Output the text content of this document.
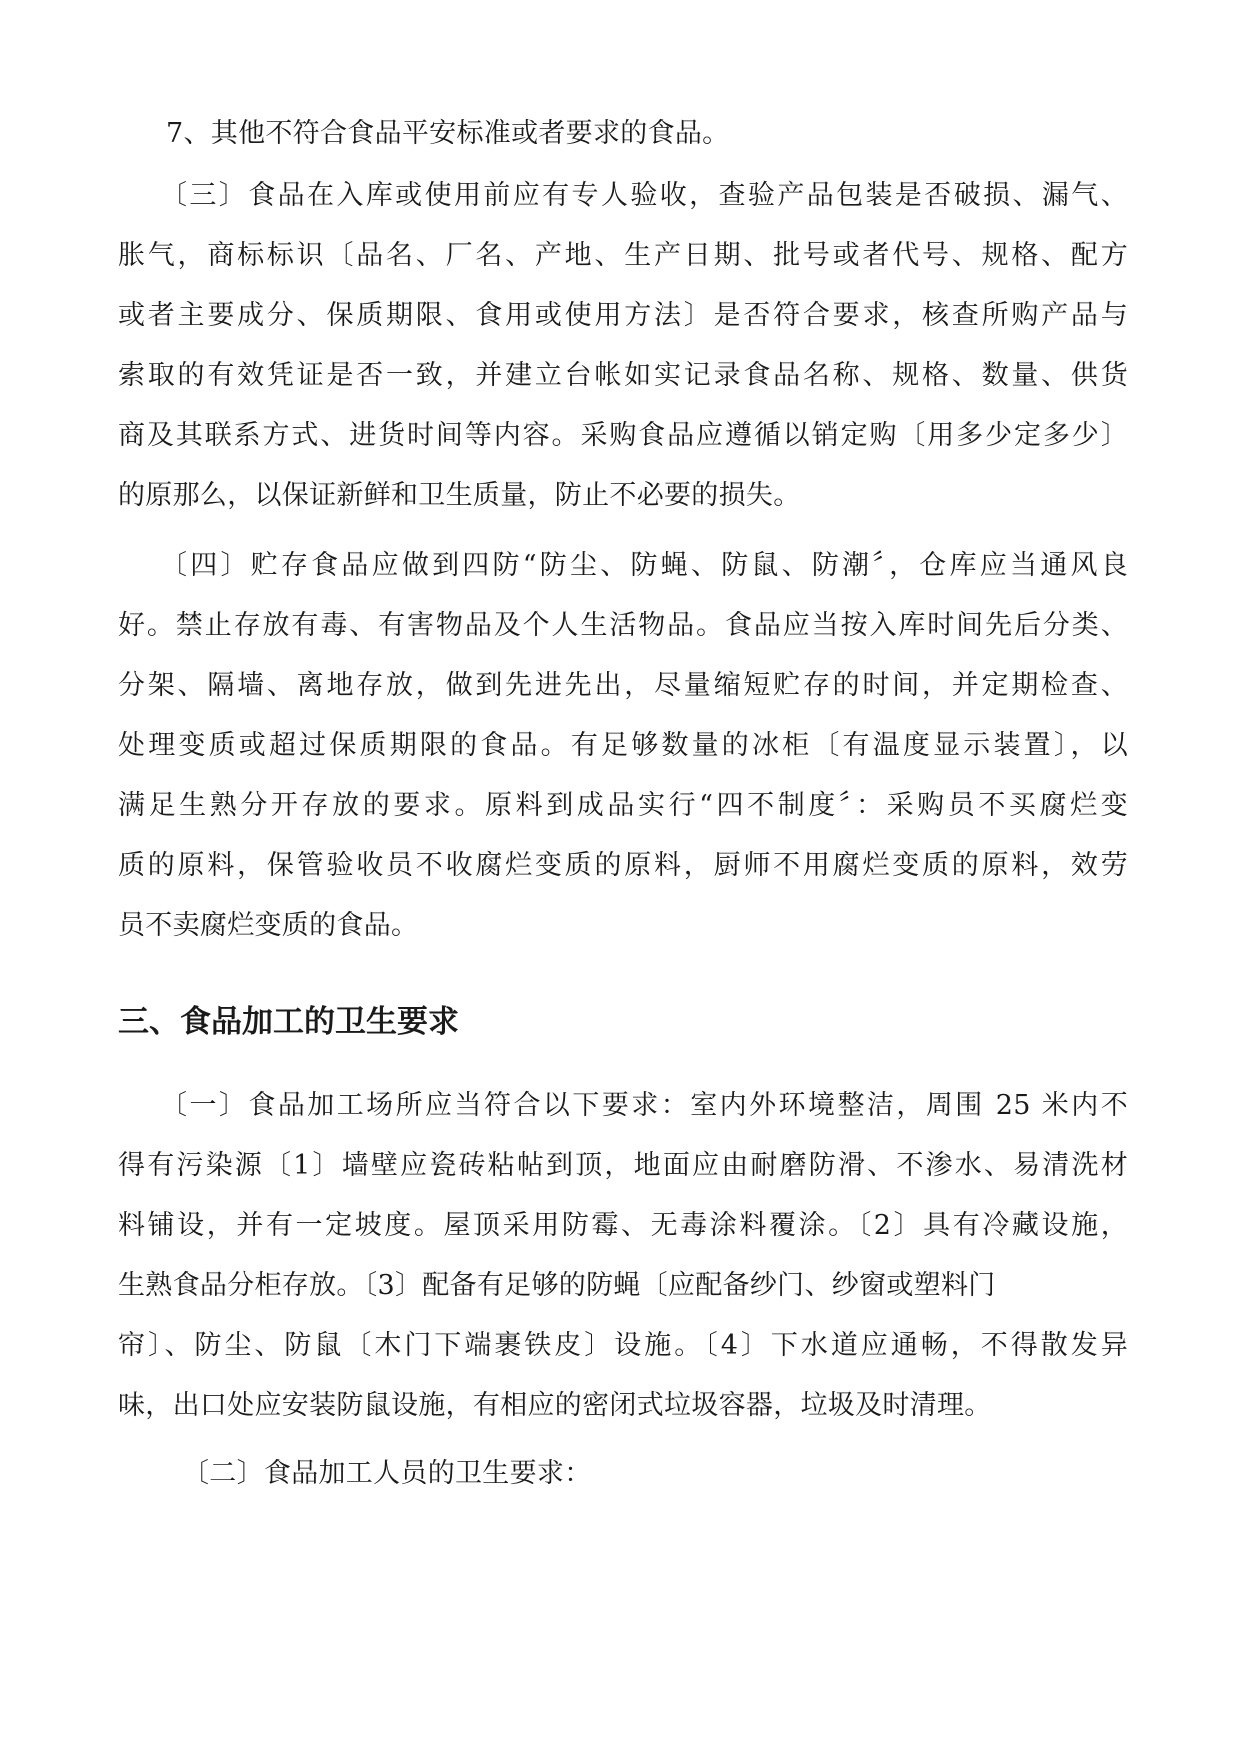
7、其他不符合食品平安标准或者要求的食品。
〔三〕食品在入库或使用前应有专人验收，查验产品包装是否破损、漏气、
胀气，商标标识〔品名、厂名、产地、生产日期、批号或者代号、规格、配方
或者主要成分、保质期限、食用或使用方法〕是否符合要求，核查所购产品与
索取的有效凭证是否一致，并建立台帐如实记录食品名称、规格、数量、供货
商及其联系方式、进货时间等内容。采购食品应遵循以销定购〔用多少定多少〕
的原那么，以保证新鲜和卫生质量，防止不必要的损失。
〔四〕贮存食品应做到四防“防尘、防蝇、防鼠、防潮〞，仓库应当通风良
好。禁止存放有毒、有害物品及个人生活物品。食品应当按入库时间先后分类、
分架、隔墙、离地存放，做到先进先出，尽量缩短贮存的时间，并定期检查、
处理变质或超过保质期限的食品。有足够数量的冰柜〔有温度显示装置〕，以
满足生熟分开存放的要求。原料到成品实行“四不制度〞：采购员不买腐烂变
质的原料，保管验收员不收腐烂变质的原料，厨师不用腐烂变质的原料，效劳
员不卖腐烂变质的食品。
三、食品加工的卫生要求
〔一〕食品加工场所应当符合以下要求：室内外环境整洁，周围 25 米内不
得有污染源〔1〕墙壁应瓷砖粘帖到顶，地面应由耐磨防滑、不渗水、易清洗材
料铺设，并有一定坡度。屋顶采用防霉、无毒涂料覆涂。〔2〕具有冷藏设施，
生熟食品分柜存放。〔3〕配备有足够的防蝇〔应配备纱门、纱窗或塑料门
帘〕、防尘、防鼠〔木门下端裹铁皮〕设施。〔4〕下水道应通畅，不得散发异
味，出口处应安装防鼠设施，有相应的密闭式垃圾容器，垃圾及时清理。
〔二〕食品加工人员的卫生要求：
